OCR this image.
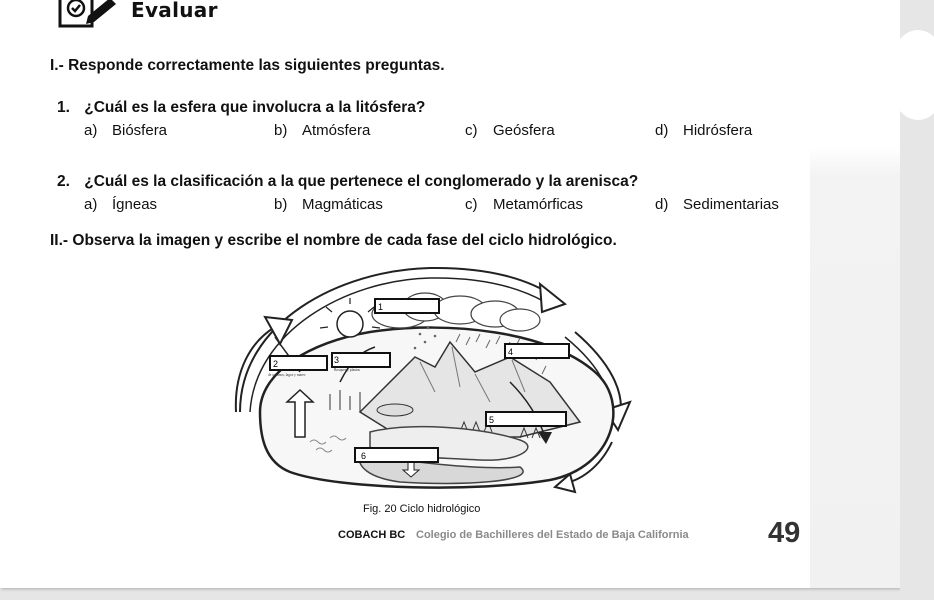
Evaluar
I.- Responde correctamente las siguientes preguntas.
1. ¿Cuál es la esfera que involucra a la litósfera?
a) Biósfera	b) Atmósfera	c) Geósfera	d) Hidrósfera
2. ¿Cuál es la clasificación a la que pertenece el conglomerado y la arenisca?
a) Ígneas	b) Magmáticas	c) Metamórficas	d) Sedimentarias
II.- Observa la imagen y escribe el nombre de cada fase del ciclo hidrológico.
1
2	3
4
5
6
de océanos, lagos y mares
Bosques y plantas
Fig. 20 Ciclo hidrológico
COBACH BC Colegio de Bachilleres del Estado de Baja California	49
